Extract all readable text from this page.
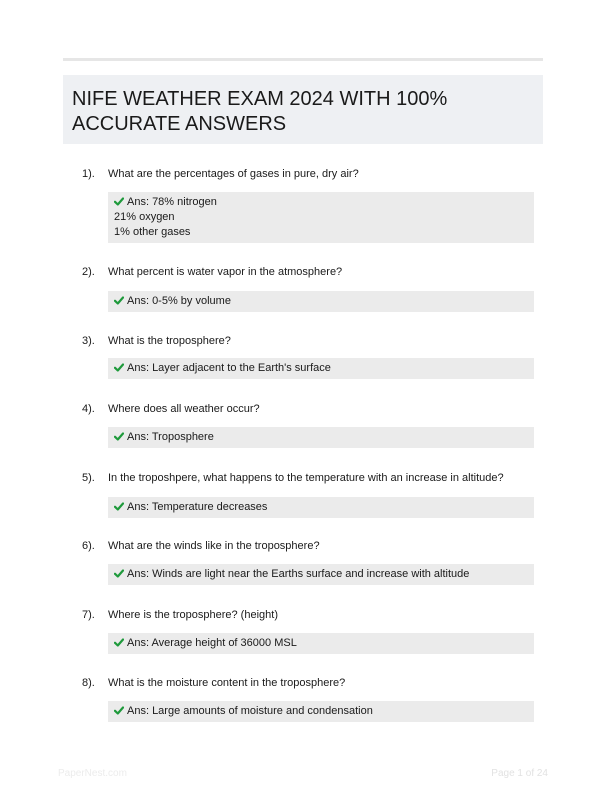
NIFE WEATHER EXAM 2024 WITH 100% ACCURATE ANSWERS
1). What are the percentages of gases in pure, dry air?
Ans: 78% nitrogen
21% oxygen
1% other gases
2). What percent is water vapor in the atmosphere?
Ans: 0-5% by volume
3). What is the troposphere?
Ans: Layer adjacent to the Earth's surface
4). Where does all weather occur?
Ans: Troposphere
5). In the troposhpere, what happens to the temperature with an increase in altitude?
Ans: Temperature decreases
6). What are the winds like in the troposphere?
Ans: Winds are light near the Earths surface and increase with altitude
7). Where is the troposphere? (height)
Ans: Average height of 36000 MSL
8). What is the moisture content in the troposphere?
Ans: Large amounts of moisture and condensation
PaperNest.com	Page 1 of 24
